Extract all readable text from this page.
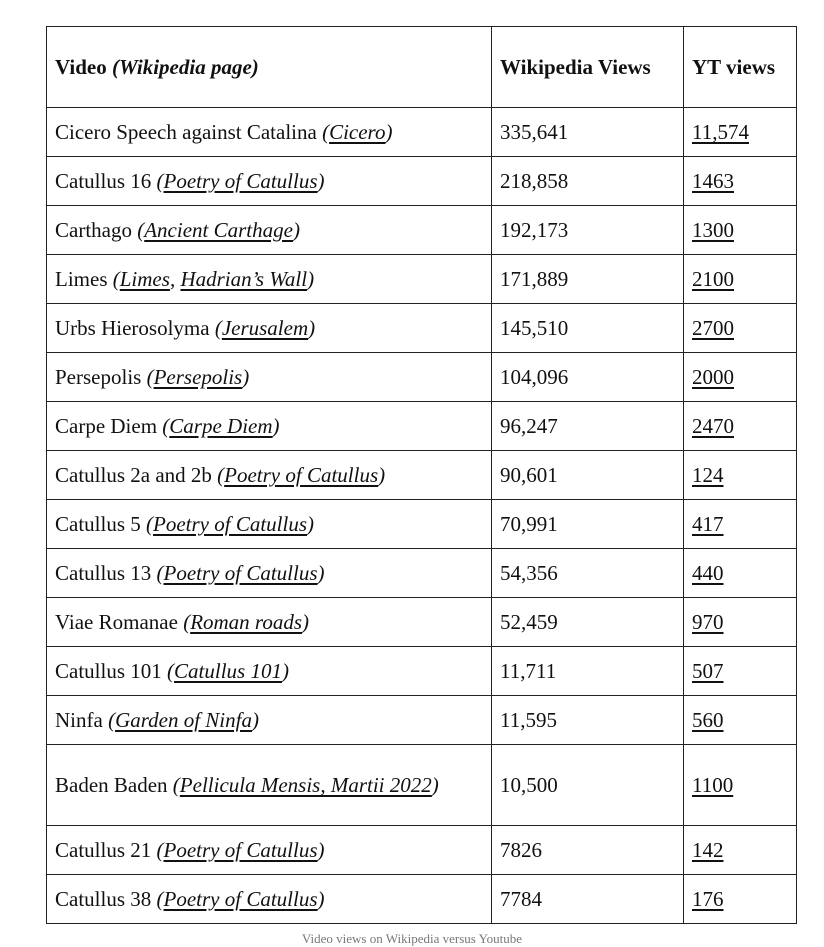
Video (Wikipedia page)	Wikipedia Views	YT views
Cicero Speech against Catalina (Cicero)	335,641	11,574
Catullus 16 (Poetry of Catullus)	218,858	1463
Carthago (Ancient Carthage)	192,173	1300
Limes (Limes, Hadrian’s Wall)	171,889	2100
Urbs Hierosolyma (Jerusalem)	145,510	2700
Persepolis (Persepolis)	104,096	2000
Carpe Diem (Carpe Diem)	96,247	2470
Catullus 2a and 2b (Poetry of Catullus)	90,601	124
Catullus 5 (Poetry of Catullus)	70,991	417
Catullus 13 (Poetry of Catullus)	54,356	440
Viae Romanae (Roman roads)	52,459	970
Catullus 101 (Catullus 101)	11,711	507
Ninfa (Garden of Ninfa)	11,595	560
Baden Baden (Pellicula Mensis, Martii 2022)	10,500	1100
Catullus 21 (Poetry of Catullus)	7826	142
Catullus 38 (Poetry of Catullus)	7784	176
Video views on Wikipedia versus Youtube
